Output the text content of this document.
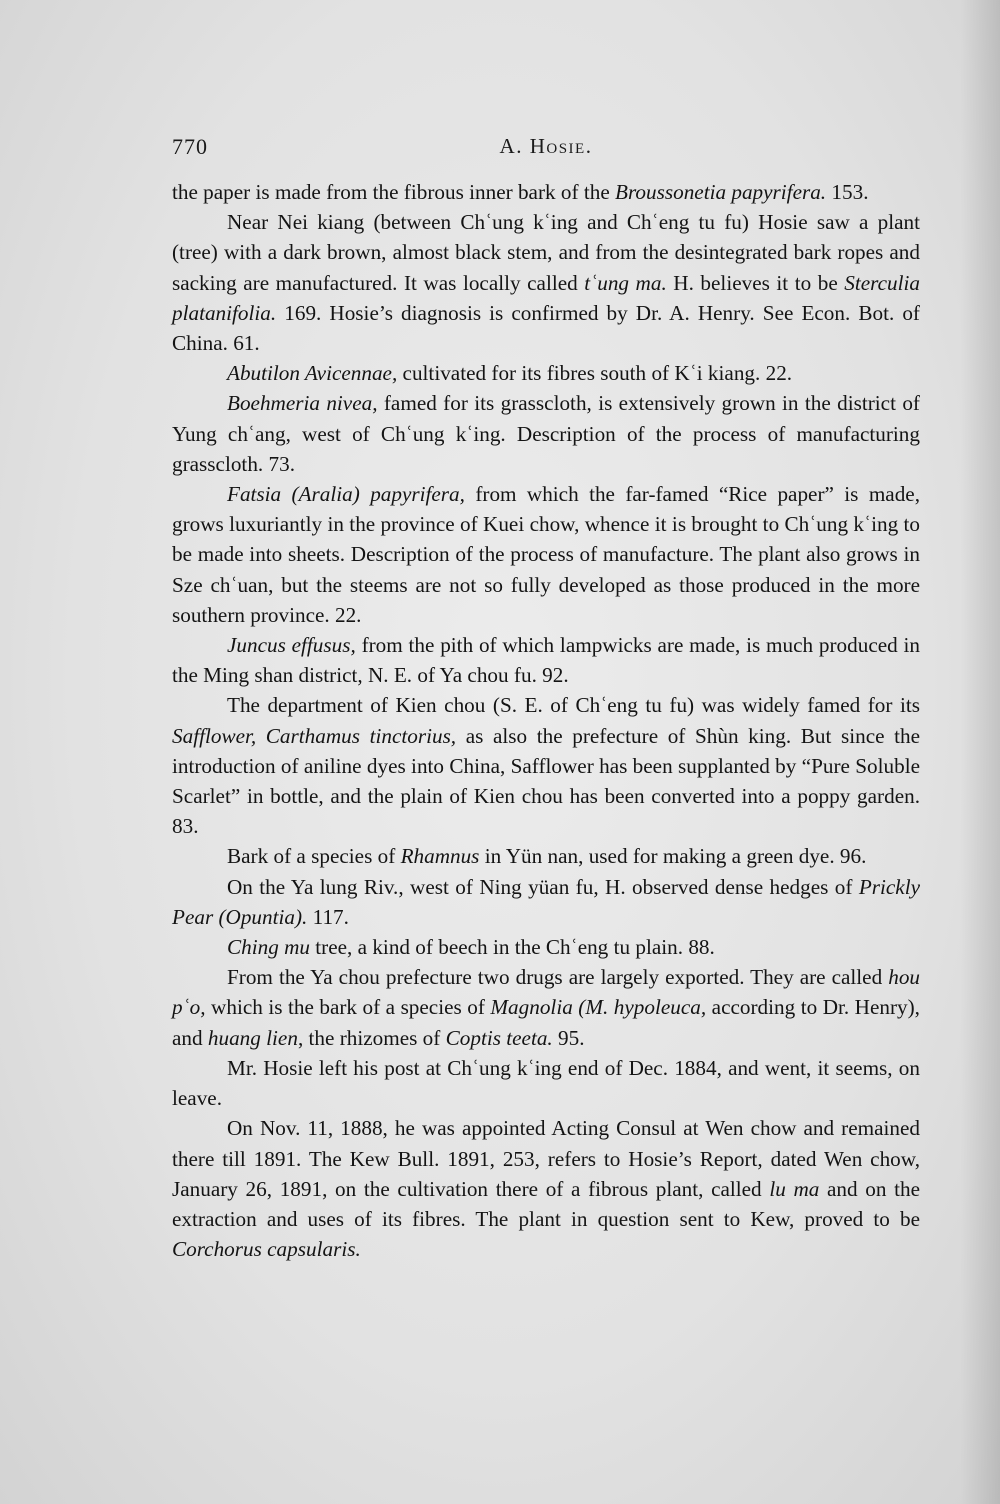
770	A. Hosie.

the paper is made from the fibrous inner bark of the Broussonetia papyrifera. 153.

Near Nei kiang (between Chʿung kʿing and Chʿeng tu fu) Hosie saw a plant (tree) with a dark brown, almost black stem, and from the desintegrated bark ropes and sacking are manufactured. It was locally called tʿung ma. H. believes it to be Sterculia platanifolia. 169. Hosie’s diagnosis is confirmed by Dr. A. Henry. See Econ. Bot. of China. 61.

Abutilon Avicennae, cultivated for its fibres south of Kʿi kiang. 22.

Boehmeria nivea, famed for its grasscloth, is extensively grown in the district of Yung chʿang, west of Chʿung kʿing. Description of the process of manufacturing grasscloth. 73.

Fatsia (Aralia) papyrifera, from which the far-famed “Rice paper” is made, grows luxuriantly in the province of Kuei chow, whence it is brought to Chʿung kʿing to be made into sheets. Description of the process of manufacture. The plant also grows in Sze chʿuan, but the steems are not so fully developed as those produced in the more southern province. 22.

Juncus effusus, from the pith of which lampwicks are made, is much produced in the Ming shan district, N. E. of Ya chou fu. 92.

The department of Kien chou (S. E. of Chʿeng tu fu) was widely famed for its Safflower, Carthamus tinctorius, as also the prefecture of Shùn king. But since the introduction of aniline dyes into China, Safflower has been supplanted by “Pure Soluble Scarlet” in bottle, and the plain of Kien chou has been converted into a poppy garden. 83.

Bark of a species of Rhamnus in Yün nan, used for making a green dye. 96.

On the Ya lung Riv., west of Ning yüan fu, H. observed dense hedges of Prickly Pear (Opuntia). 117.

Ching mu tree, a kind of beech in the Chʿeng tu plain. 88.

From the Ya chou prefecture two drugs are largely exported. They are called hou pʿo, which is the bark of a species of Magnolia (M. hypoleuca, according to Dr. Henry), and huang lien, the rhizomes of Coptis teeta. 95.

Mr. Hosie left his post at Chʿung kʿing end of Dec. 1884, and went, it seems, on leave.

On Nov. 11, 1888, he was appointed Acting Consul at Wen chow and remained there till 1891. The Kew Bull. 1891, 253, refers to Hosie’s Report, dated Wen chow, January 26, 1891, on the cultivation there of a fibrous plant, called lu ma and on the extraction and uses of its fibres. The plant in question sent to Kew, proved to be Corchorus capsularis.
